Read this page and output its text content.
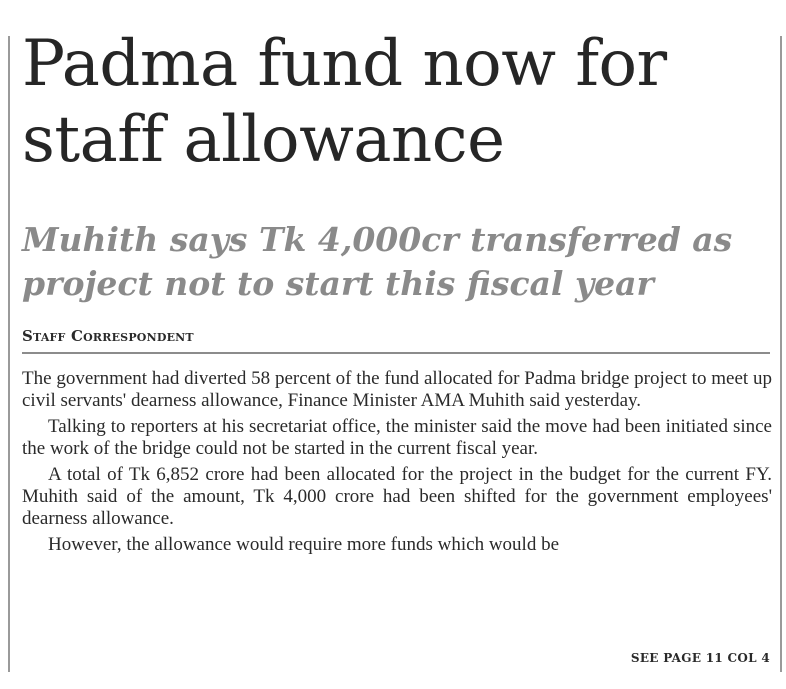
Padma fund now for staff allowance
Muhith says Tk 4,000cr transferred as project not to start this fiscal year
Staff Correspondent

The government had diverted 58 percent of the fund allocated for Padma bridge project to meet up civil servants' dearness allowance, Finance Minister AMA Muhith said yesterday.

Talking to reporters at his secretariat office, the minister said the move had been initiated since the work of the bridge could not be started in the current fiscal year.

A total of Tk 6,852 crore had been allocated for the project in the budget for the current FY. Muhith said of the amount, Tk 4,000 crore had been shifted for the government employees' dearness allowance.

However, the allowance would require more funds which would be

SEE PAGE 11 COL 4
